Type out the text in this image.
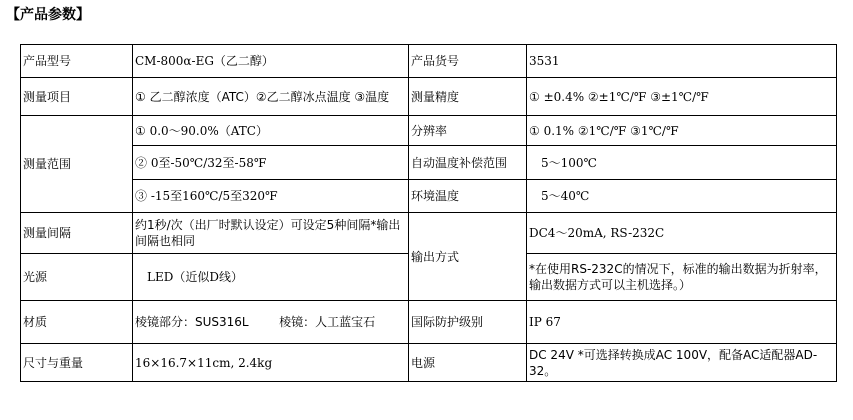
【产品参数】
产品型号	CM-800α-EG（乙二醇）	产品货号	3531
测量项目	① 乙二醇浓度（ATC）②乙二醇冰点温度 ③温度	测量精度	① ±0.4% ②±1℃/℉ ③±1℃/℉
测量范围	① 0.0～90.0%（ATC）	分辨率	① 0.1% ②1℃/℉ ③1℃/℉
	② 0至-50℃/32至-58℉	自动温度补偿范围	5～100℃
	③ -15至160℃/5至320℉	环境温度	5～40℃
测量间隔	约1秒/次（出厂时默认设定）可设定5种间隔*输出间隔也相同	输出方式	DC4～20mA, RS-232C
光源	LED（近似D线）		*在使用RS-232C的情况下，标准的输出数据为折射率，输出数据方式可以主机选择。）
材质	棱镜部分：SUS316L 棱镜：人工蓝宝石	国际防护级别	IP 67
尺寸与重量	16×16.7×11cm, 2.4kg	电源	DC 24V *可选择转换成AC 100V，配备AC适配器AD-32。
